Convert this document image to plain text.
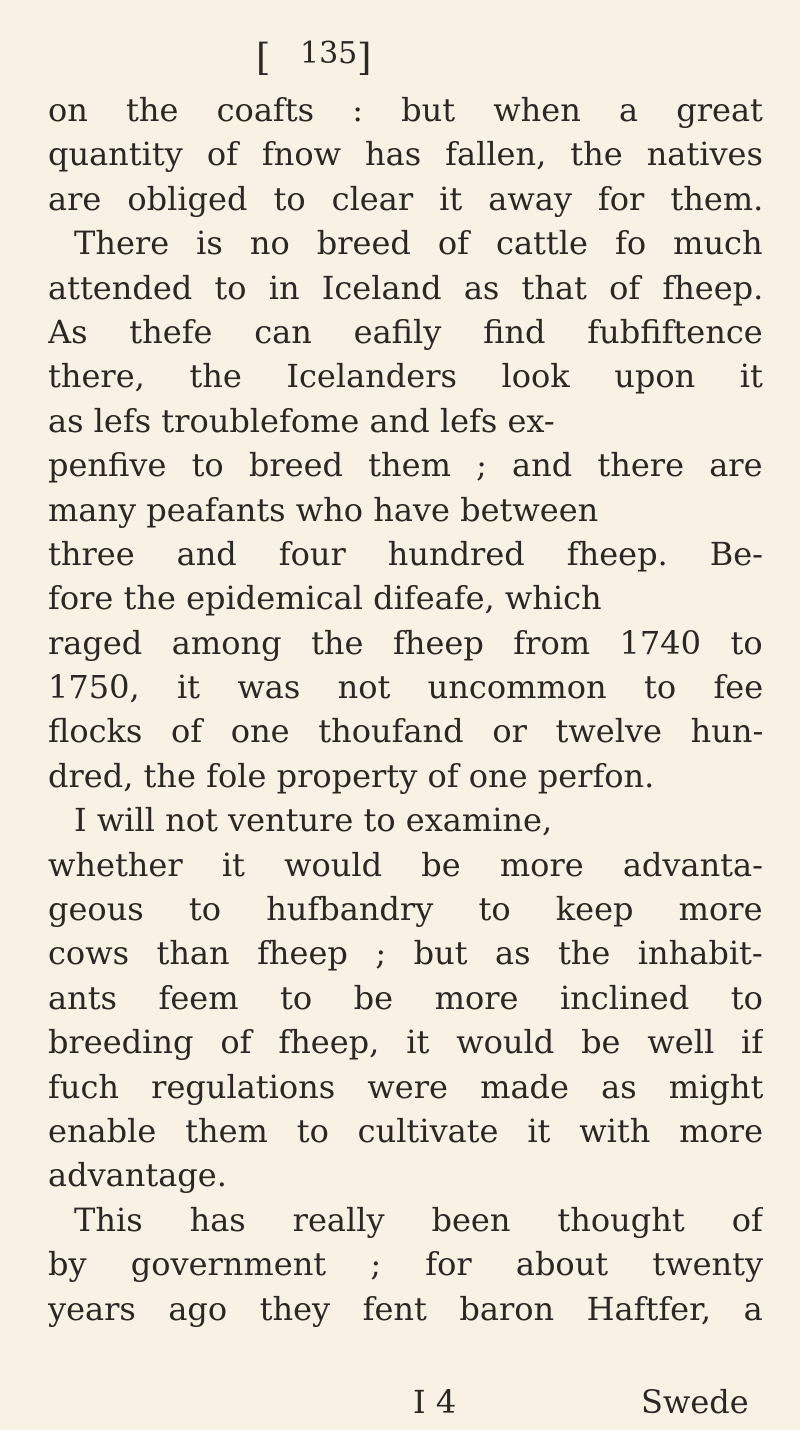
[ 135 ]
on the coafts : but when a great
quantity of fnow has fallen, the natives
are obliged to clear it away for them.
There is no breed of cattle fo much
attended to in Iceland as that of fheep.
As thefe can eafily find fubfiftence
there, the Icelanders look upon it
as lefs troublefome and lefs ex-
penfive to breed them ; and there are
many peafants who have between
three and four hundred fheep. Be-
fore the epidemical difeafe, which
raged among the fheep from 1740 to
1750, it was not uncommon to fee
flocks of one thoufand or twelve hun-
dred, the fole property of one perfon.
I will not venture to examine,
whether it would be more advanta-
geous to hufbandry to keep more
cows than fheep ; but as the inhabit-
ants feem to be more inclined to
breeding of fheep, it would be well if
fuch regulations were made as might
enable them to cultivate it with more
advantage.
This has really been thought of
by government ; for about twenty
years ago they fent baron Haftfer, a
I 4	Swede
